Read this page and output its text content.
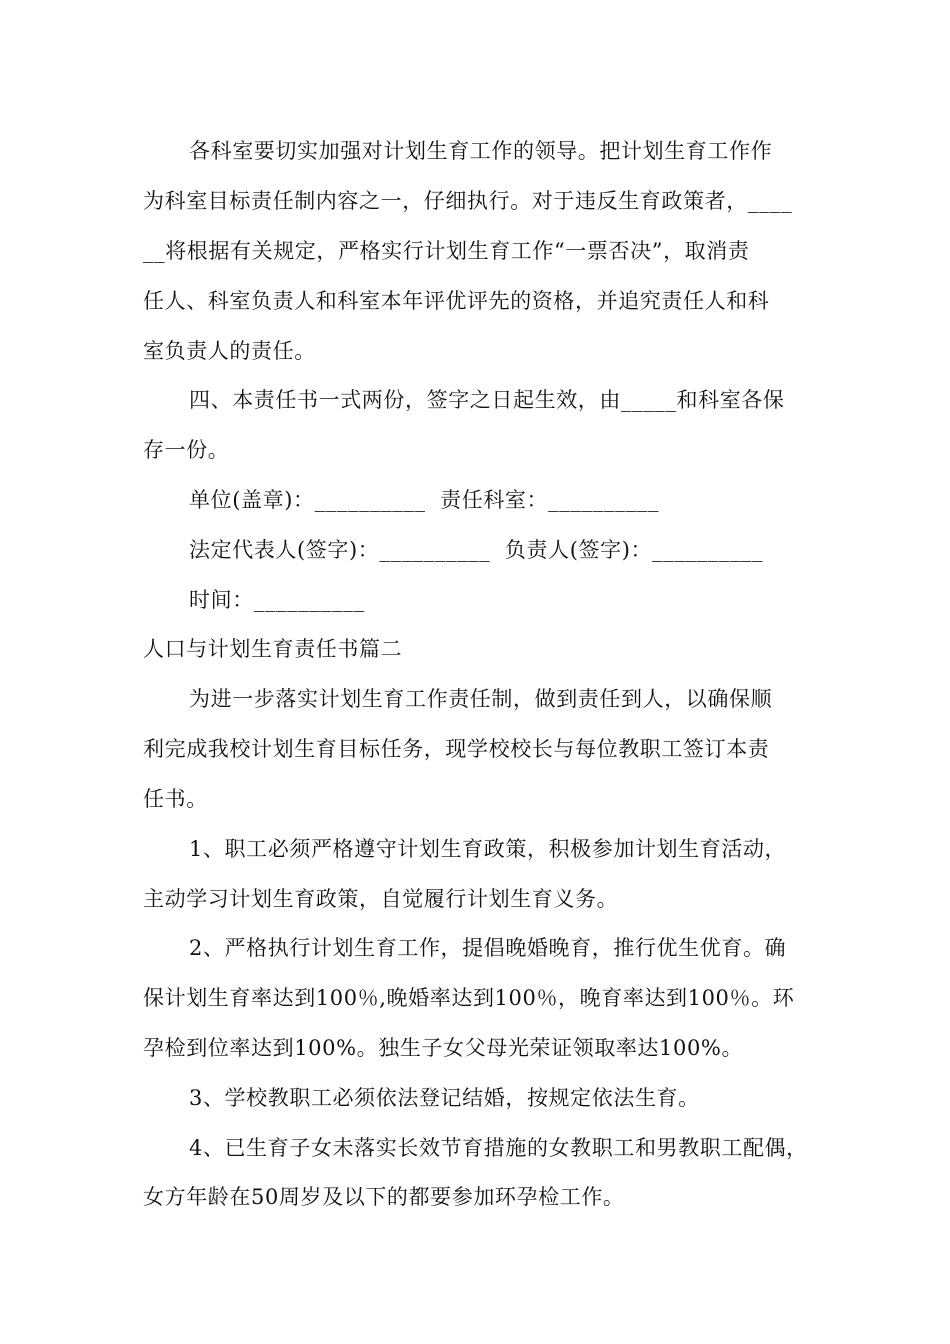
各科室要切实加强对计划生育工作的领导。把计划生育工作作
为科室目标责任制内容之一，仔细执行。对于违反生育政策者，____
__将根据有关规定，严格实行计划生育工作“一票否决”，取消责
任人、科室负责人和科室本年评优评先的资格，并追究责任人和科
室负责人的责任。
四、本责任书一式两份，签字之日起生效，由_____和科室各保
存一份。
单位(盖章)：__________  责任科室：__________
法定代表人(签字)：__________  负责人(签字)：__________
时间：__________
人口与计划生育责任书篇二
为进一步落实计划生育工作责任制，做到责任到人，以确保顺
利完成我校计划生育目标任务，现学校校长与每位教职工签订本责
任书。
1、职工必须严格遵守计划生育政策，积极参加计划生育活动，
主动学习计划生育政策，自觉履行计划生育义务。
2、严格执行计划生育工作，提倡晚婚晚育，推行优生优育。确
保计划生育率达到100％,晚婚率达到100％，晚育率达到100％。环
孕检到位率达到100%。独生子女父母光荣证领取率达100%。
3、学校教职工必须依法登记结婚，按规定依法生育。
4、已生育子女未落实长效节育措施的女教职工和男教职工配偶，
女方年龄在50周岁及以下的都要参加环孕检工作。
